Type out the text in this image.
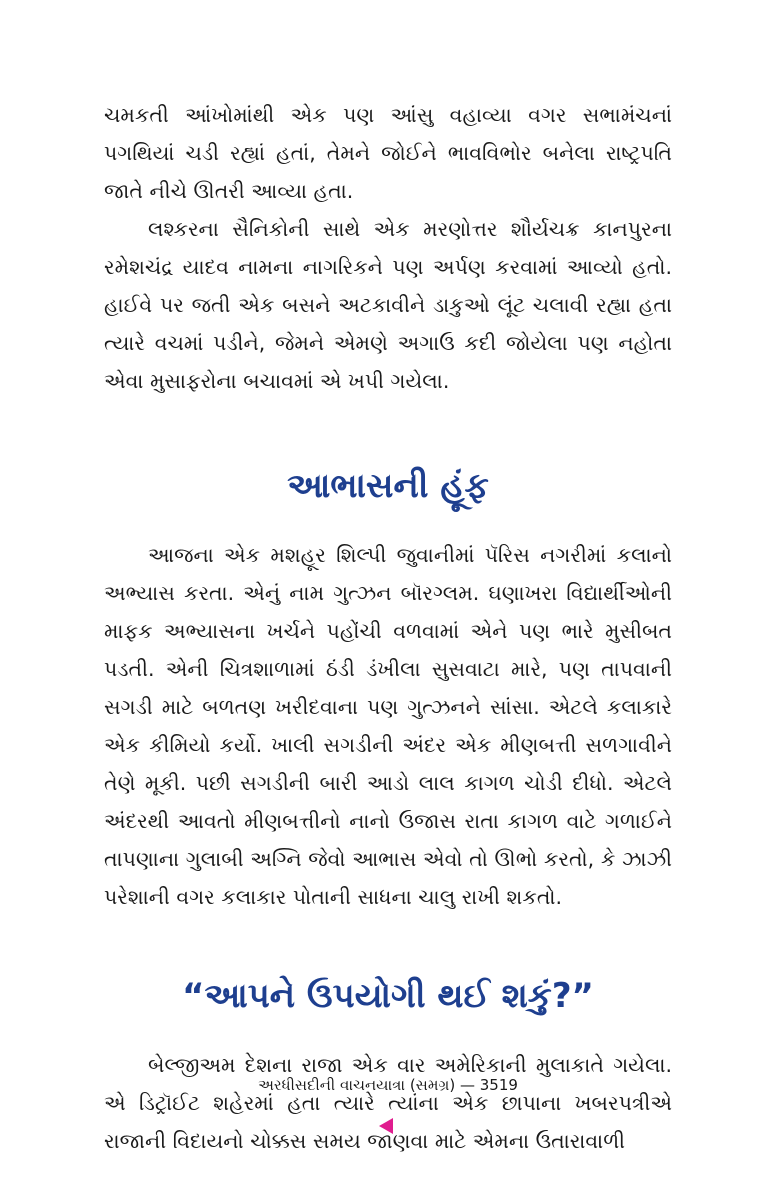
ચમકતી આંખોમાંથી એક પણ આંસુ વહાવ્યા વગર સભામંચનાં પગથિયાં ચડી રહ્યાં હતાં, તેમને જોઈને ભાવવિભોર બનેલા રાષ્ટ્રપતિ જાતે નીચે ઊતરી આવ્યા હતા.

લશ્કરના સૈનિકોની સાથે એક મરણોત્તર શૌર્યચક્ર કાનપુરના રમેશચંદ્ર યાદવ નામના નાગરિકને પણ અર્પણ કરવામાં આવ્યો હતો. હાઈવે પર જતી એક બસને અટકાવીને ડાકુઓ લૂંટ ચલાવી રહ્યા હતા ત્યારે વચમાં પડીને, જેમને એમણે અગાઉ કદી જોયેલા પણ નહોતા એવા મુસાફરોના બચાવમાં એ ખપી ગયેલા.

આભાસની હૂંફ

આજના એક મશહૂર શિલ્પી જુવાનીમાં પૅરિસ નગરીમાં કલાનો અભ્યાસ કરતા. એનું નામ ગુત્ઝન બૉરગ્લમ. ઘણાખરા વિદ્યાર્થીઓની માફક અભ્યાસના ખર્ચને પહોંચી વળવામાં એને પણ ભારે મુસીબત પડતી. એની ચિત્રશાળામાં ઠંડી ડંખીલા સુસવાટા મારે, પણ તાપવાની સગડી માટે બળતણ ખરીદવાના પણ ગુત્ઝનને સાંસા. એટલે કલાકારે એક કીમિયો કર્યો. ખાલી સગડીની અંદર એક મીણબત્તી સળગાવીને તેણે મૂકી. પછી સગડીની બારી આડો લાલ કાગળ ચોડી દીધો. એટલે અંદરથી આવતો મીણબત્તીનો નાનો ઉજાસ રાતા કાગળ વાટે ગળાઈને તાપણાના ગુલાબી અગ્નિ જેવો આભાસ એવો તો ઊભો કરતો, કે ઝાઝી પરેશાની વગર કલાકાર પોતાની સાધના ચાલુ રાખી શકતો.

“આપને ઉપયોગી થઈ શકું?”

બેલ્જીઅમ દેશના રાજા એક વાર અમેરિકાની મુલાકાતે ગયેલા. એ ડિટ્રૉઈટ શહેરમાં હતા ત્યારે ત્યાંના એક છાપાના ખબરપત્રીએ રાજાની વિદાયનો ચોક્કસ સમય જાણવા માટે એમના ઉતારાવાળી

અરધીસદીની વાચનયાત્રા (સમગ્ર) — 3519
